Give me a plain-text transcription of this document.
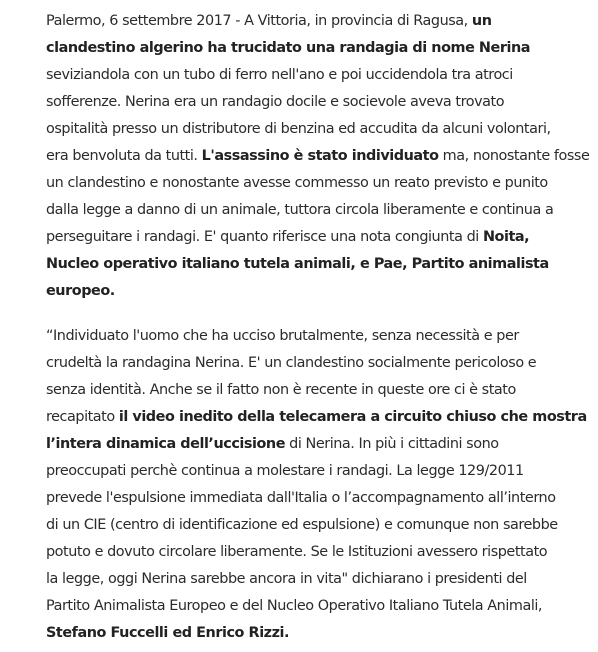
Palermo, 6 settembre 2017 - A Vittoria, in provincia di Ragusa, un
clandestino algerino ha trucidato una randagia di nome Nerina
seviziandola con un tubo di ferro nell'ano e poi uccidendola tra atroci
sofferenze. Nerina era un randagio docile e socievole aveva trovato
ospitalità presso un distributore di benzina ed accudita da alcuni volontari,
era benvoluta da tutti. L'assassino è stato individuato ma, nonostante fosse
un clandestino e nonostante avesse commesso un reato previsto e punito
dalla legge a danno di un animale, tuttora circola liberamente e continua a
perseguitare i randagi. E' quanto riferisce una nota congiunta di Noita,
Nucleo operativo italiano tutela animali, e Pae, Partito animalista
europeo.

“Individuato l'uomo che ha ucciso brutalmente, senza necessità e per
crudeltà la randagina Nerina. E' un clandestino socialmente pericoloso e
senza identità. Anche se il fatto non è recente in queste ore ci è stato
recapitato il video inedito della telecamera a circuito chiuso che mostra
l’intera dinamica dell’uccisione di Nerina. In più i cittadini sono
preoccupati perchè continua a molestare i randagi. La legge 129/2011
prevede l'espulsione immediata dall'Italia o l’accompagnamento all’interno
di un CIE (centro di identificazione ed espulsione) e comunque non sarebbe
potuto e dovuto circolare liberamente. Se le Istituzioni avessero rispettato
la legge, oggi Nerina sarebbe ancora in vita" dichiarano i presidenti del
Partito Animalista Europeo e del Nucleo Operativo Italiano Tutela Animali,
Stefano Fuccelli ed Enrico Rizzi.
